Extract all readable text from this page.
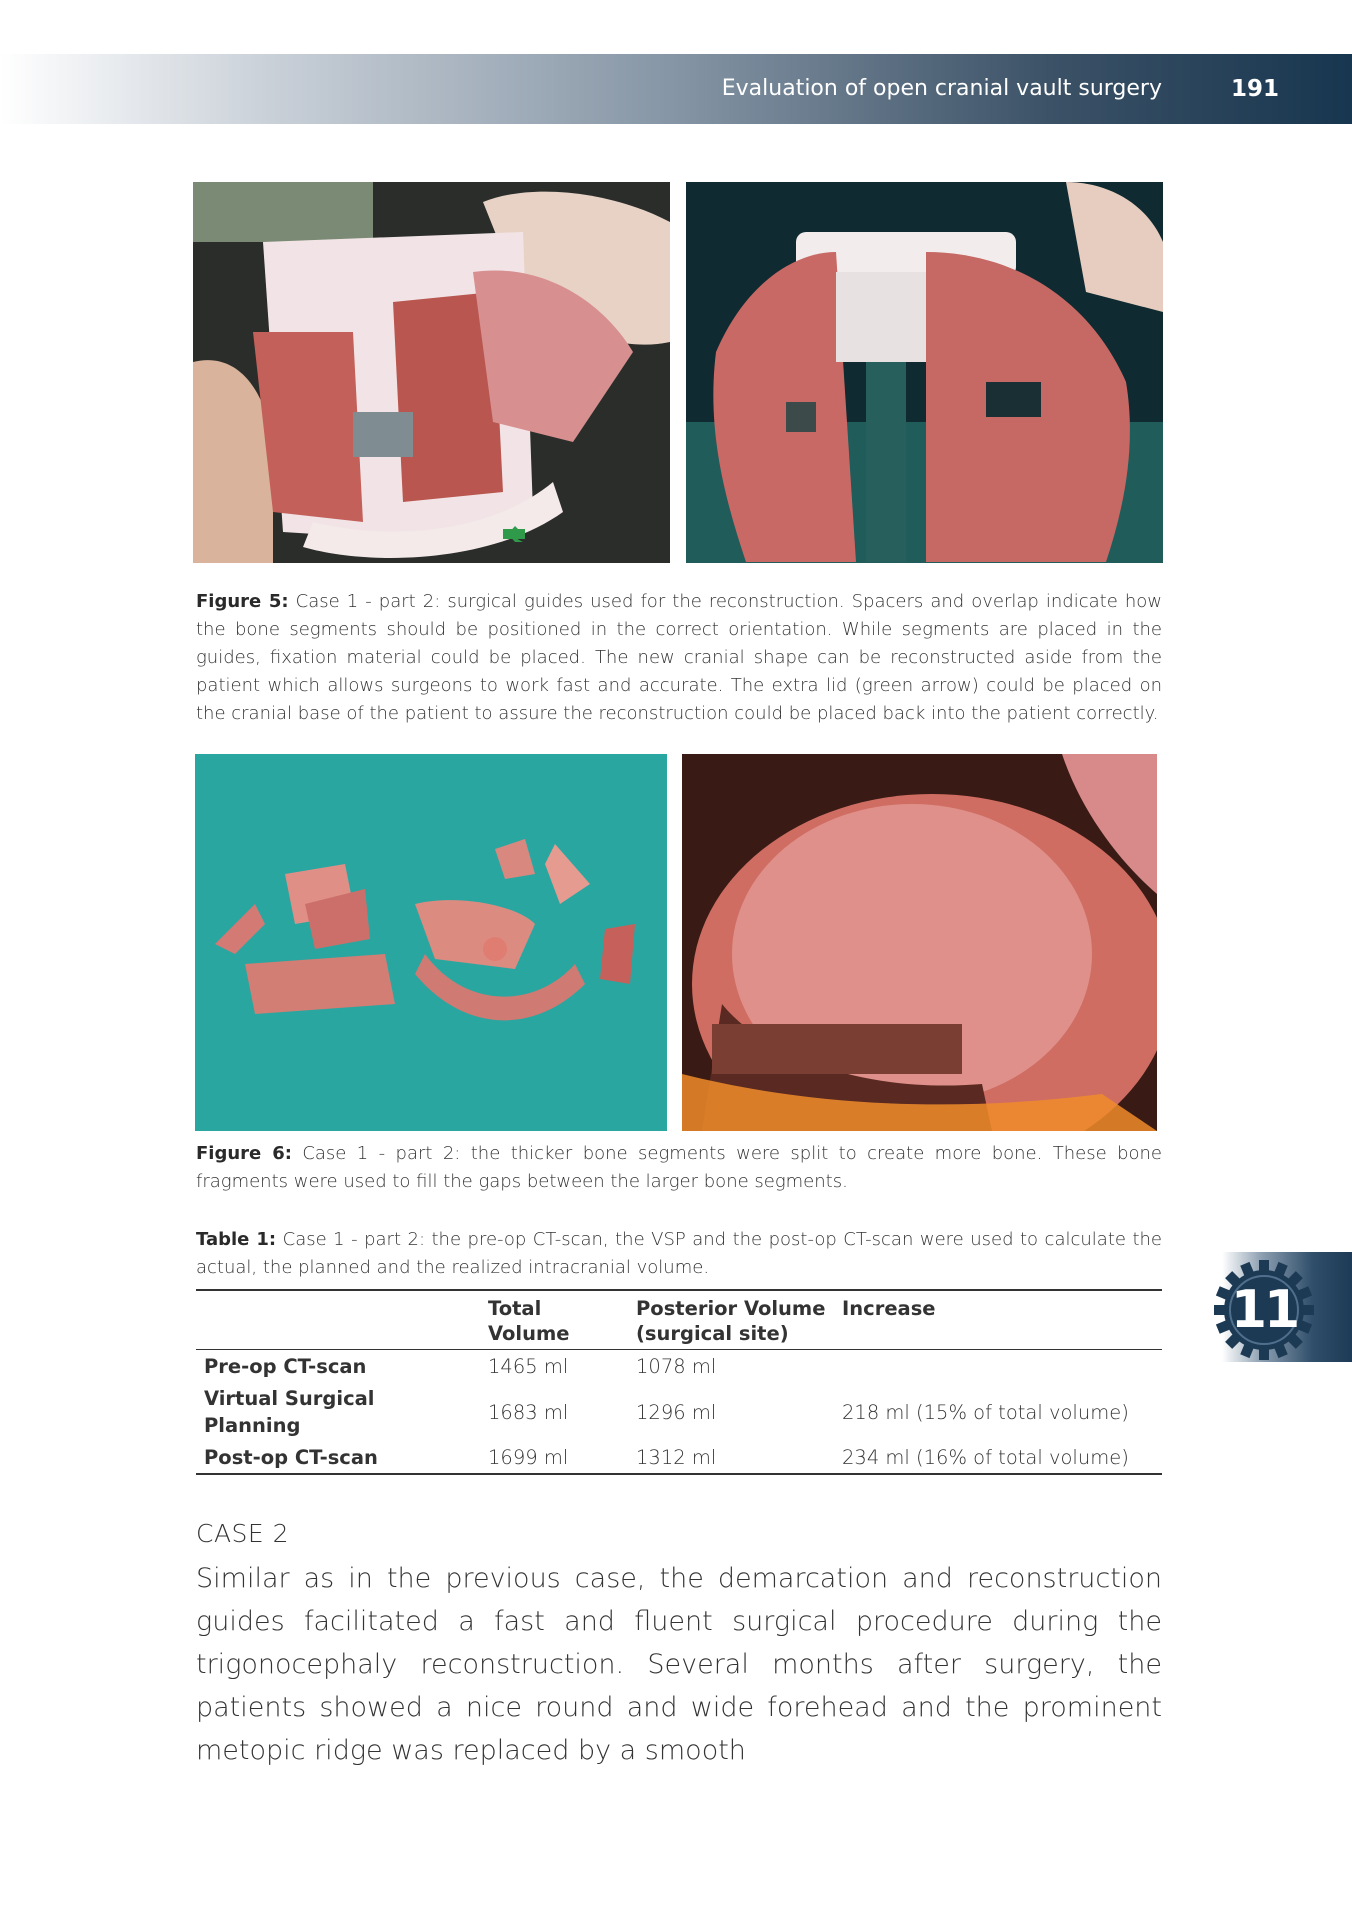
Evaluation of open cranial vault surgery	191
Figure 5: Case 1 - part 2: surgical guides used for the reconstruction. Spacers and overlap indicate how the bone segments should be positioned in the correct orientation. While segments are placed in the guides, fixation material could be placed. The new cranial shape can be reconstructed aside from the patient which allows surgeons to work fast and accurate. The extra lid (green arrow) could be placed on the cranial base of the patient to assure the reconstruction could be placed back into the patient correctly.
Figure 6: Case 1 - part 2: the thicker bone segments were split to create more bone. These bone fragments were used to fill the gaps between the larger bone segments.
Table 1: Case 1 - part 2: the pre-op CT-scan, the VSP and the post-op CT-scan were used to calculate the actual, the planned and the realized intracranial volume.
	Total Volume	Posterior Volume (surgical site)	Increase
Pre-op CT-scan	1465 ml	1078 ml	
Virtual Surgical Planning	1683 ml	1296 ml	218 ml (15% of total volume)
Post-op CT-scan	1699 ml	1312 ml	234 ml (16% of total volume)
CASE 2
Similar as in the previous case, the demarcation and reconstruction guides facilitated a fast and fluent surgical procedure during the trigonocephaly reconstruction. Several months after surgery, the patients showed a nice round and wide forehead and the prominent metopic ridge was replaced by a smooth
11
